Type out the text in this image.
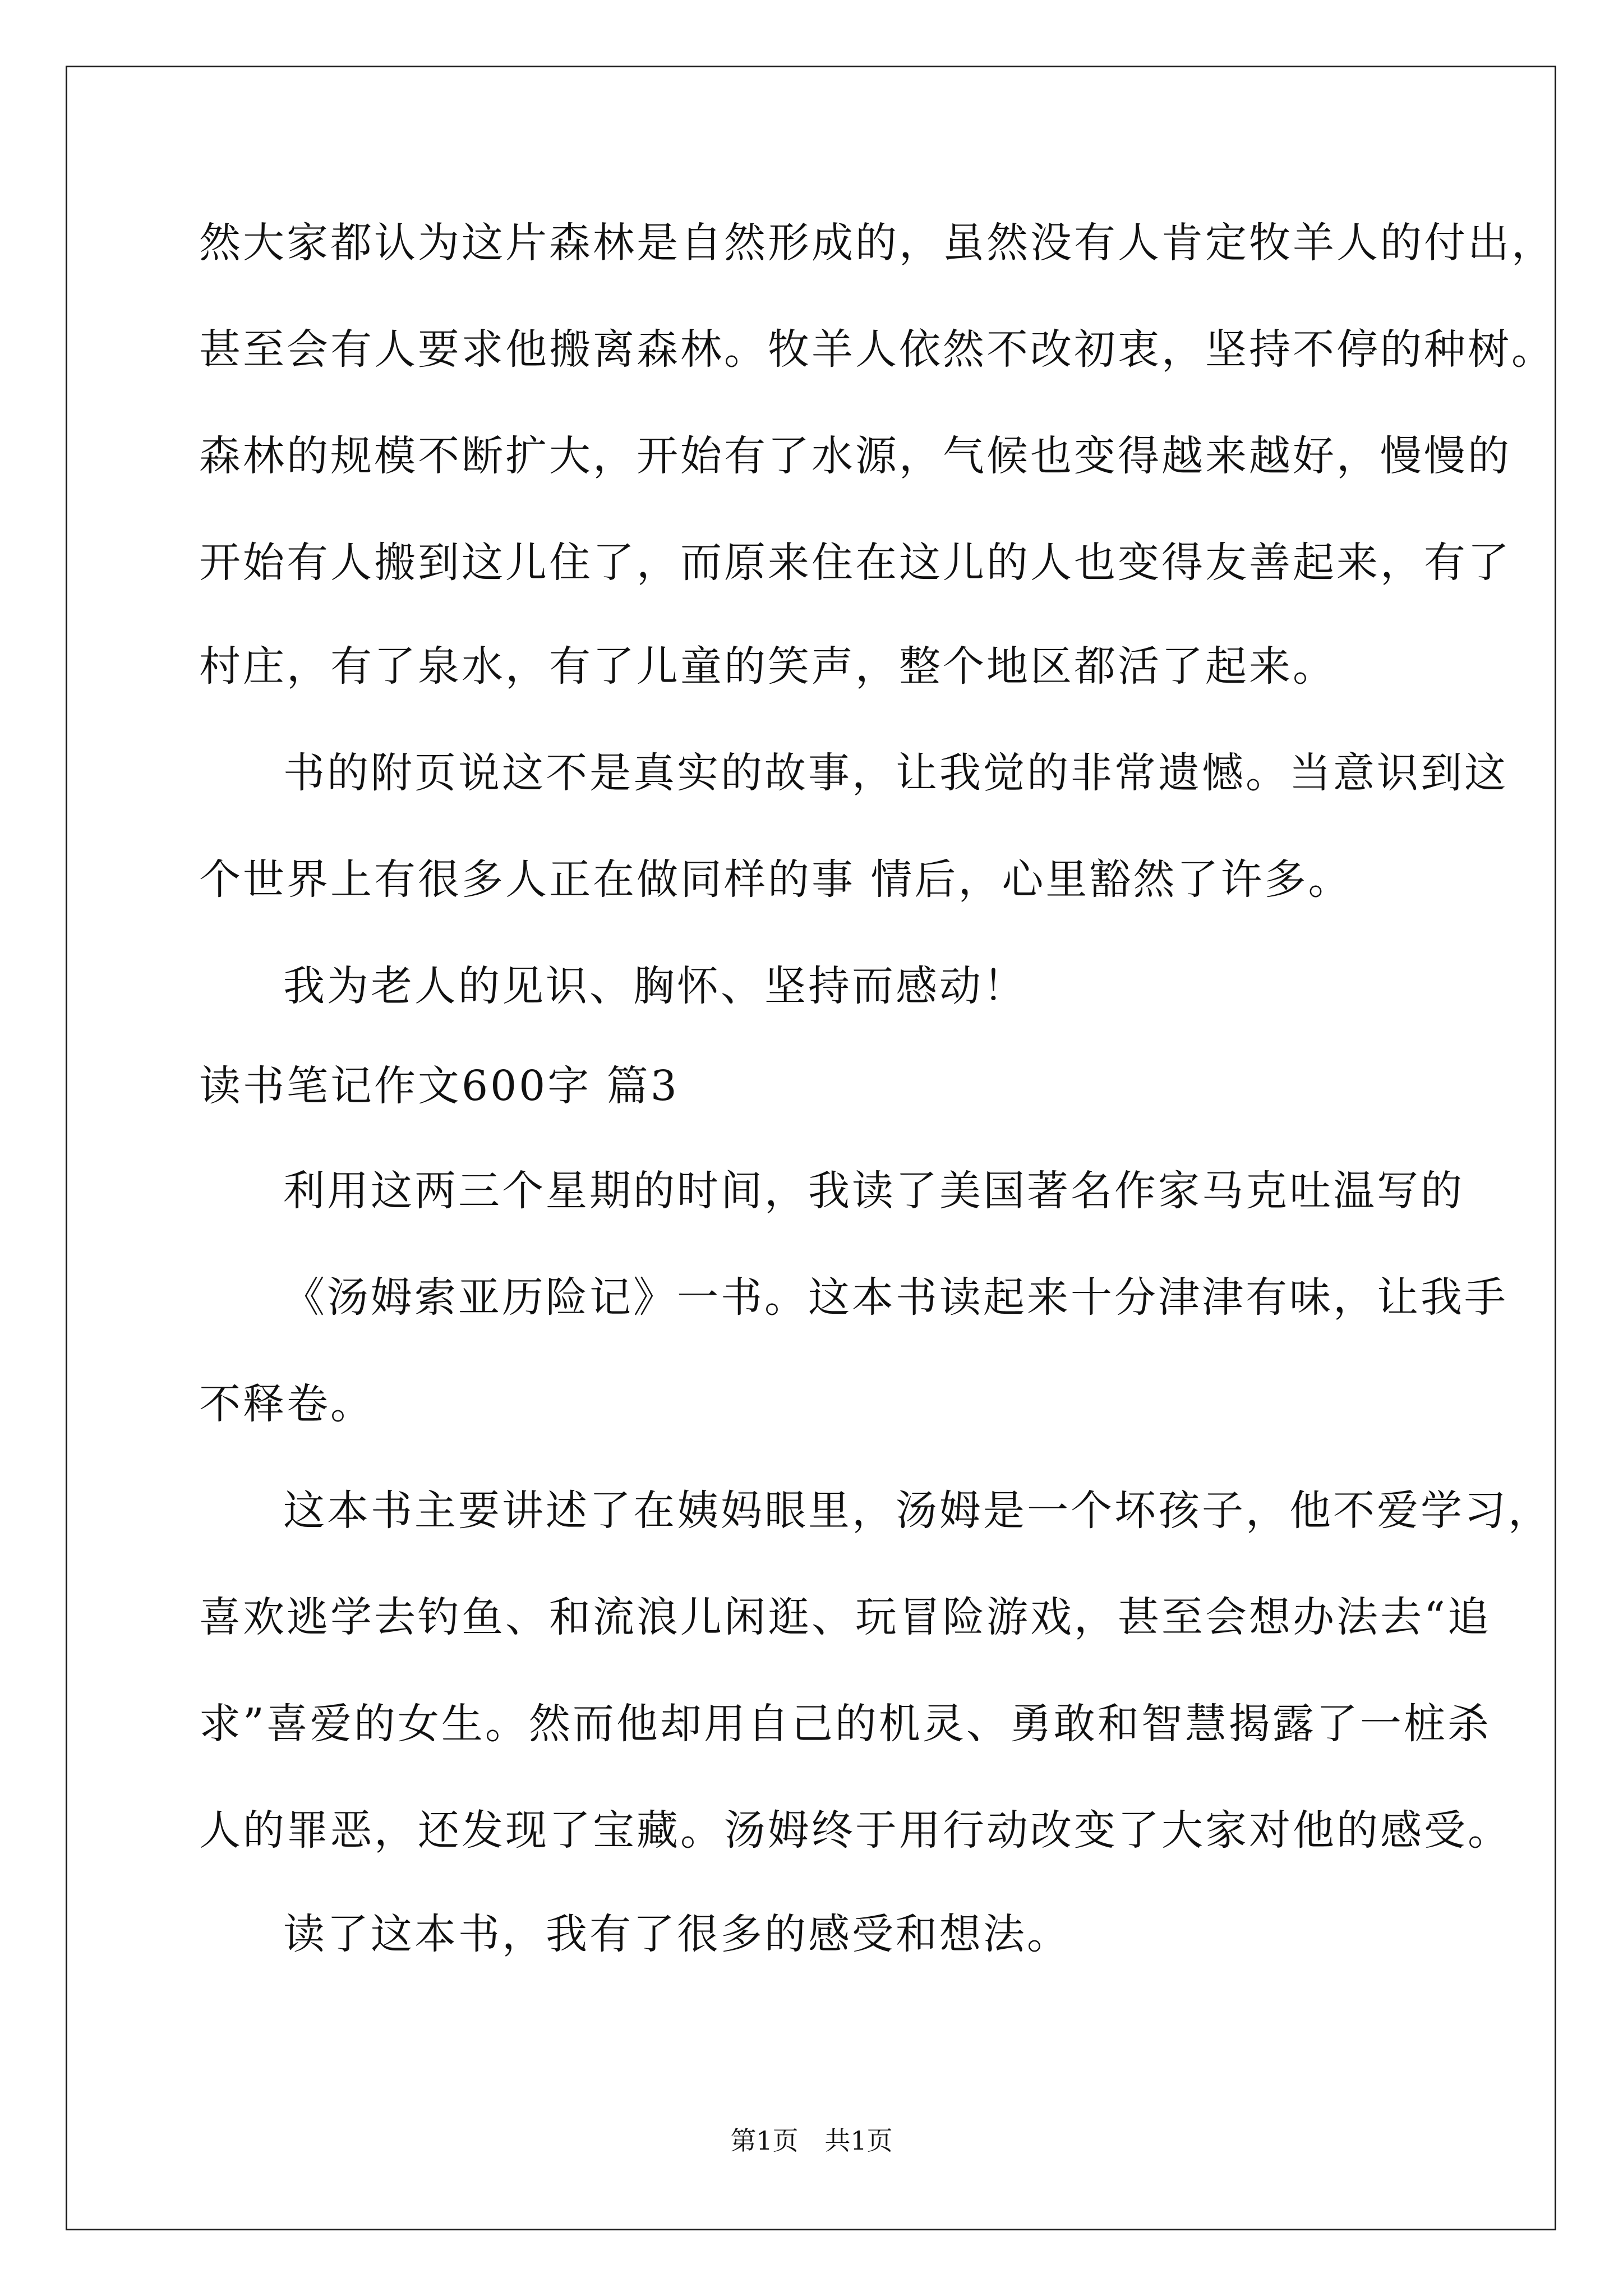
然大家都认为这片森林是自然形成的，虽然没有人肯定牧羊人的付出，
甚至会有人要求他搬离森林。牧羊人依然不改初衷，坚持不停的种树。
森林的规模不断扩大，开始有了水源，气候也变得越来越好，慢慢的
开始有人搬到这儿住了，而原来住在这儿的人也变得友善起来，有了
村庄，有了泉水，有了儿童的笑声，整个地区都活了起来。
书的附页说这不是真实的故事，让我觉的非常遗憾。当意识到这
个世界上有很多人正在做同样的事 情后，心里豁然了许多。
我为老人的见识、胸怀、坚持而感动！
读书笔记作文600字 篇3
利用这两三个星期的时间，我读了美国著名作家马克吐温写的
《汤姆索亚历险记》一书。这本书读起来十分津津有味，让我手
不释卷。
这本书主要讲述了在姨妈眼里，汤姆是一个坏孩子，他不爱学习，
喜欢逃学去钓鱼、和流浪儿闲逛、玩冒险游戏，甚至会想办法去“追
求”喜爱的女生。然而他却用自己的机灵、勇敢和智慧揭露了一桩杀
人的罪恶，还发现了宝藏。汤姆终于用行动改变了大家对他的感受。
读了这本书，我有了很多的感受和想法。
第1页 共1页
